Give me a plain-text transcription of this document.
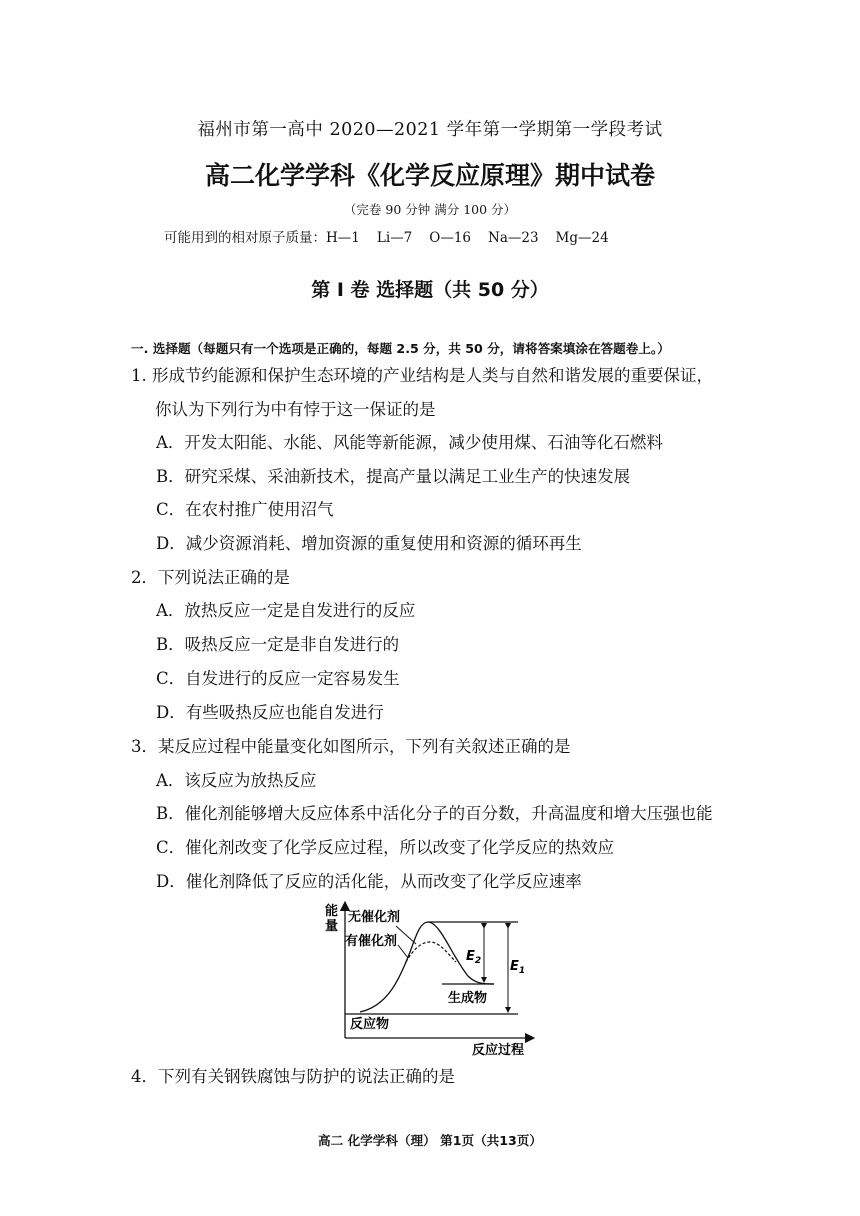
福州市第一高中 2020—2021 学年第一学期第一学段考试
高二化学学科《化学反应原理》期中试卷
（完卷 90 分钟 满分 100 分）
可能用到的相对原子质量：H—1 Li—7 O—16 Na—23 Mg—24
第 I 卷 选择题（共 50 分）
一. 选择题（每题只有一个选项是正确的，每题 2.5 分，共 50 分，请将答案填涂在答题卷上。）
1. 形成节约能源和保护生态环境的产业结构是人类与自然和谐发展的重要保证，
你认为下列行为中有悖于这一保证的是
A．开发太阳能、水能、风能等新能源，减少使用煤、石油等化石燃料
B．研究采煤、采油新技术，提高产量以满足工业生产的快速发展
C．在农村推广使用沼气
D．减少资源消耗、增加资源的重复使用和资源的循环再生
2．下列说法正确的是
A．放热反应一定是自发进行的反应
B．吸热反应一定是非自发进行的
C．自发进行的反应一定容易发生
D．有些吸热反应也能自发进行
3．某反应过程中能量变化如图所示，下列有关叙述正确的是
A．该反应为放热反应
B．催化剂能够增大反应体系中活化分子的百分数，升高温度和增大压强也能
C．催化剂改变了化学反应过程，所以改变了化学反应的热效应
D．催化剂降低了反应的活化能，从而改变了化学反应速率
能
量
无催化剂
有催化剂
$E_2$ $E_1$
生成物
反应物
反应过程
4．下列有关钢铁腐蚀与防护的说法正确的是
高二 化学学科（理） 第1页（共13页）
